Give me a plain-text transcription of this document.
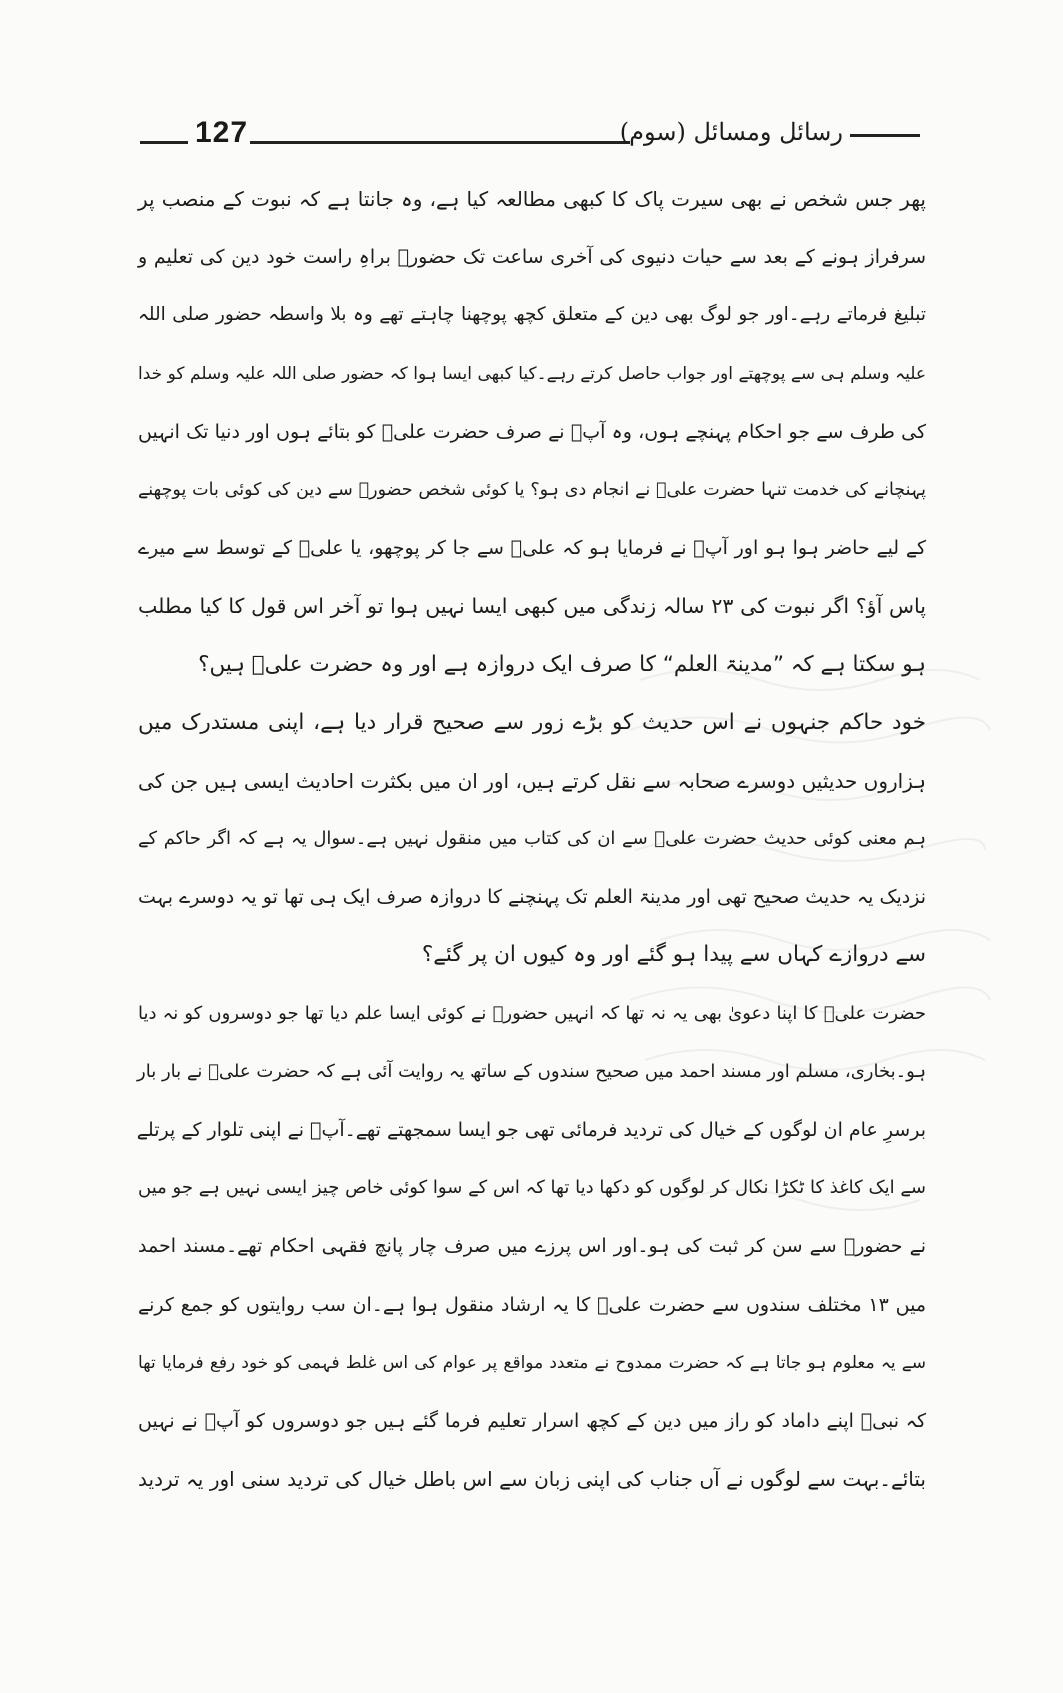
127	رسائل ومسائل (سوم)
پھر جس شخص نے بھی سیرت پاک کا کبھی مطالعہ کیا ہے، وہ جانتا ہے کہ نبوت کے منصب پر
سرفراز ہونے کے بعد سے حیات دنیوی کی آخری ساعت تک حضورؐ براہِ راست خود دین کی تعلیم و
تبلیغ فرماتے رہے۔اور جو لوگ بھی دین کے متعلق کچھ پوچھنا چاہتے تھے وہ بلا واسطہ حضور صلی اللہ
علیہ وسلم ہی سے پوچھتے اور جواب حاصل کرتے رہے۔کیا کبھی ایسا ہوا کہ حضور صلی اللہ علیہ وسلم کو خدا
کی طرف سے جو احکام پہنچے ہوں، وہ آپؐ نے صرف حضرت علیؓ کو بتائے ہوں اور دنیا تک انہیں
پہنچانے کی خدمت تنہا حضرت علیؓ نے انجام دی ہو؟ یا کوئی شخص حضورؐ سے دین کی کوئی بات پوچھنے
کے لیے حاضر ہوا ہو اور آپؐ نے فرمایا ہو کہ علیؓ سے جا کر پوچھو، یا علیؓ کے توسط سے میرے
پاس آؤ؟ اگر نبوت کی ۲۳ سالہ زندگی میں کبھی ایسا نہیں ہوا تو آخر اس قول کا کیا مطلب
ہو سکتا ہے کہ ”مدینۃ العلم“ کا صرف ایک دروازہ ہے اور وہ حضرت علیؓ ہیں؟
خود حاکم جنہوں نے اس حدیث کو بڑے زور سے صحیح قرار دیا ہے، اپنی مستدرک میں
ہزاروں حدیثیں دوسرے صحابہ سے نقل کرتے ہیں، اور ان میں بکثرت احادیث ایسی ہیں جن کی
ہم معنی کوئی حدیث حضرت علیؓ سے ان کی کتاب میں منقول نہیں ہے۔سوال یہ ہے کہ اگر حاکم کے
نزدیک یہ حدیث صحیح تھی اور مدینۃ العلم تک پہنچنے کا دروازہ صرف ایک ہی تھا تو یہ دوسرے بہت
سے دروازے کہاں سے پیدا ہو گئے اور وہ کیوں ان پر گئے؟
حضرت علیؓ کا اپنا دعویٰ بھی یہ نہ تھا کہ انہیں حضورؐ نے کوئی ایسا علم دیا تھا جو دوسروں کو نہ دیا
ہو۔بخاری، مسلم اور مسند احمد میں صحیح سندوں کے ساتھ یہ روایت آئی ہے کہ حضرت علیؓ نے بار بار
برسرِ عام ان لوگوں کے خیال کی تردید فرمائی تھی جو ایسا سمجھتے تھے۔آپؓ نے اپنی تلوار کے پرتلے
سے ایک کاغذ کا ٹکڑا نکال کر لوگوں کو دکھا دیا تھا کہ اس کے سوا کوئی خاص چیز ایسی نہیں ہے جو میں
نے حضورؐ سے سن کر ثبت کی ہو۔اور اس پرزے میں صرف چار پانچ فقہی احکام تھے۔مسند احمد
میں ۱۳ مختلف سندوں سے حضرت علیؓ کا یہ ارشاد منقول ہوا ہے۔ان سب روایتوں کو جمع کرنے
سے یہ معلوم ہو جاتا ہے کہ حضرت ممدوح نے متعدد مواقع پر عوام کی اس غلط فہمی کو خود رفع فرمایا تھا
کہ نبیؐ اپنے داماد کو راز میں دین کے کچھ اسرار تعلیم فرما گئے ہیں جو دوسروں کو آپؐ نے نہیں
بتائے۔بہت سے لوگوں نے آں جناب کی اپنی زبان سے اس باطل خیال کی تردید سنی اور یہ تردید
